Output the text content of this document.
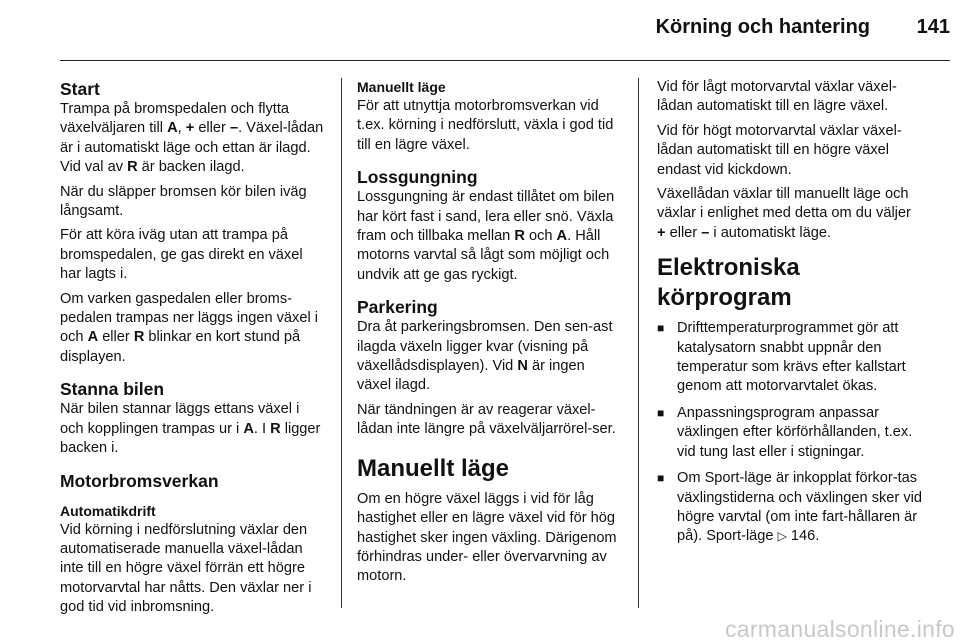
Körning och hantering	141
Start

Trampa på bromspedalen och flytta växelväljaren till A, + eller –. Växel-lådan är i automatiskt läge och ettan är ilagd. Vid val av R är backen ilagd.

När du släpper bromsen kör bilen iväg långsamt.

För att köra iväg utan att trampa på bromspedalen, ge gas direkt en växel har lagts i.

Om varken gaspedalen eller broms-pedalen trampas ner läggs ingen växel i och A eller R blinkar en kort stund på displayen.

Stanna bilen

När bilen stannar läggs ettans växel i och kopplingen trampas ur i A. I R ligger backen i.

Motorbromsverkan
Automatikdrift

Vid körning i nedförslutning växlar den automatiserade manuella växel-lådan inte till en högre växel förrän ett högre motorvarvtal har nåtts. Den växlar ner i god tid vid inbromsning.

Manuellt läge

För att utnyttja motorbromsverkan vid t.ex. körning i nedförslutt, växla i god tid till en lägre växel.

Lossgungning

Lossgungning är endast tillåtet om bilen har kört fast i sand, lera eller snö. Växla fram och tillbaka mellan R och A. Håll motorns varvtal så lågt som möjligt och undvik att ge gas ryckigt.

Parkering

Dra åt parkeringsbromsen. Den sen-ast ilagda växeln ligger kvar (visning på växellådsdisplayen). Vid N är ingen växel ilagd.

När tändningen är av reagerar växel-lådan inte längre på växelväljarrörel-ser.

Manuellt läge

Om en högre växel läggs i vid för låg hastighet eller en lägre växel vid för hög hastighet sker ingen växling. Därigenom förhindras under- eller övervarvning av motorn.

Vid för lågt motorvarvtal växlar växel-lådan automatiskt till en lägre växel.

Vid för högt motorvarvtal växlar växel-lådan automatiskt till en högre växel endast vid kickdown.

Växellådan växlar till manuellt läge och växlar i enlighet med detta om du väljer + eller – i automatiskt läge.

Elektroniska körprogram
■ Drifttemperaturprogrammet gör att katalysatorn snabbt uppnår den temperatur som krävs efter kallstart genom att motorvarvtalet ökas.
■ Anpassningsprogram anpassar växlingen efter körförhållanden, t.ex. vid tung last eller i stigningar.
■ Om Sport-läge är inkopplat förkor-tas växlingstiderna och växlingen sker vid högre varvtal (om inte fart-hållaren är på). Sport-läge ▷ 146.
carmanualsonline.info
